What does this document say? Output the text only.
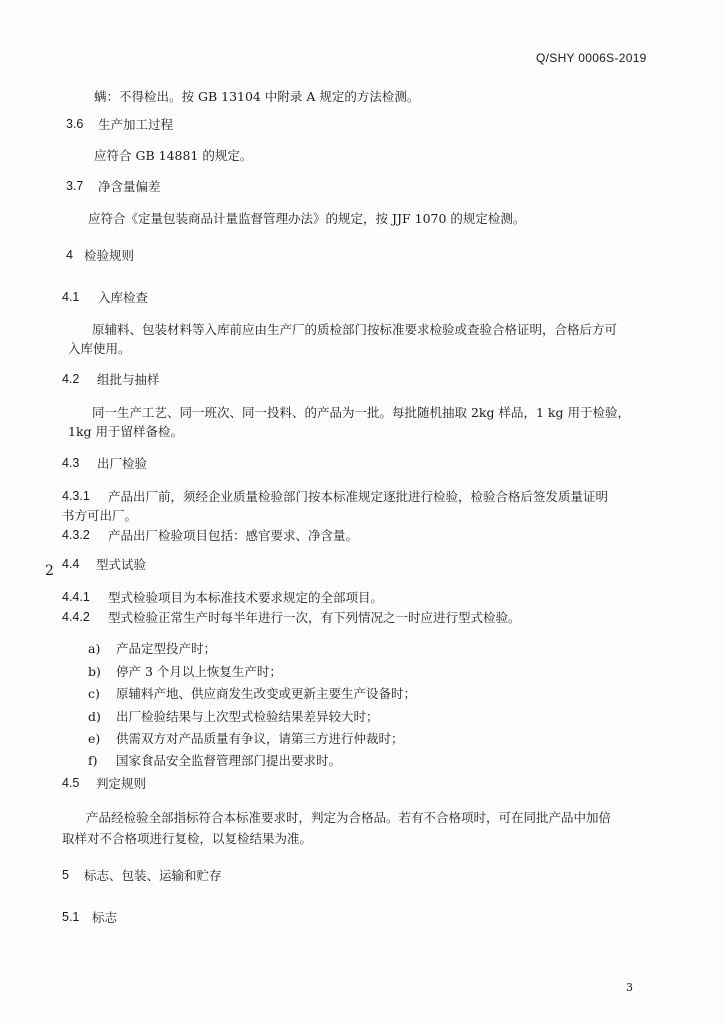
Q/SHY 0006S-2019
螨：不得检出。按 GB 13104 中附录 A 规定的方法检测。
3.6 生产加工过程
应符合 GB 14881 的规定。
3.7 净含量偏差
应符合《定量包装商品计量监督管理办法》的规定，按 JJF 1070 的规定检测。
4 检验规则
4.1 入库检查
原辅料、包装材料等入库前应由生产厂的质检部门按标准要求检验或查验合格证明，合格后方可
入库使用。
4.2 组批与抽样
同一生产工艺、同一班次、同一投料、的产品为一批。每批随机抽取 2kg 样品，1 kg 用于检验，
1kg 用于留样备检。
4.3 出厂检验
4.3.1 产品出厂前，须经企业质量检验部门按本标准规定逐批进行检验，检验合格后签发质量证明
书方可出厂。
4.3.2 产品出厂检验项目包括：感官要求、净含量。
2 4.4 型式试验
4.4.1 型式检验项目为本标准技术要求规定的全部项目。
4.4.2 型式检验正常生产时每半年进行一次，有下列情况之一时应进行型式检验。
a) 产品定型投产时；
b) 停产 3 个月以上恢复生产时；
c) 原辅料产地、供应商发生改变或更新主要生产设备时；
d) 出厂检验结果与上次型式检验结果差异较大时；
e) 供需双方对产品质量有争议，请第三方进行仲裁时；
f) 国家食品安全监督管理部门提出要求时。
4.5 判定规则
产品经检验全部指标符合本标准要求时，判定为合格品。若有不合格项时，可在同批产品中加倍
取样对不合格项进行复检，以复检结果为准。
5 标志、包装、运输和贮存
5.1 标志
3
